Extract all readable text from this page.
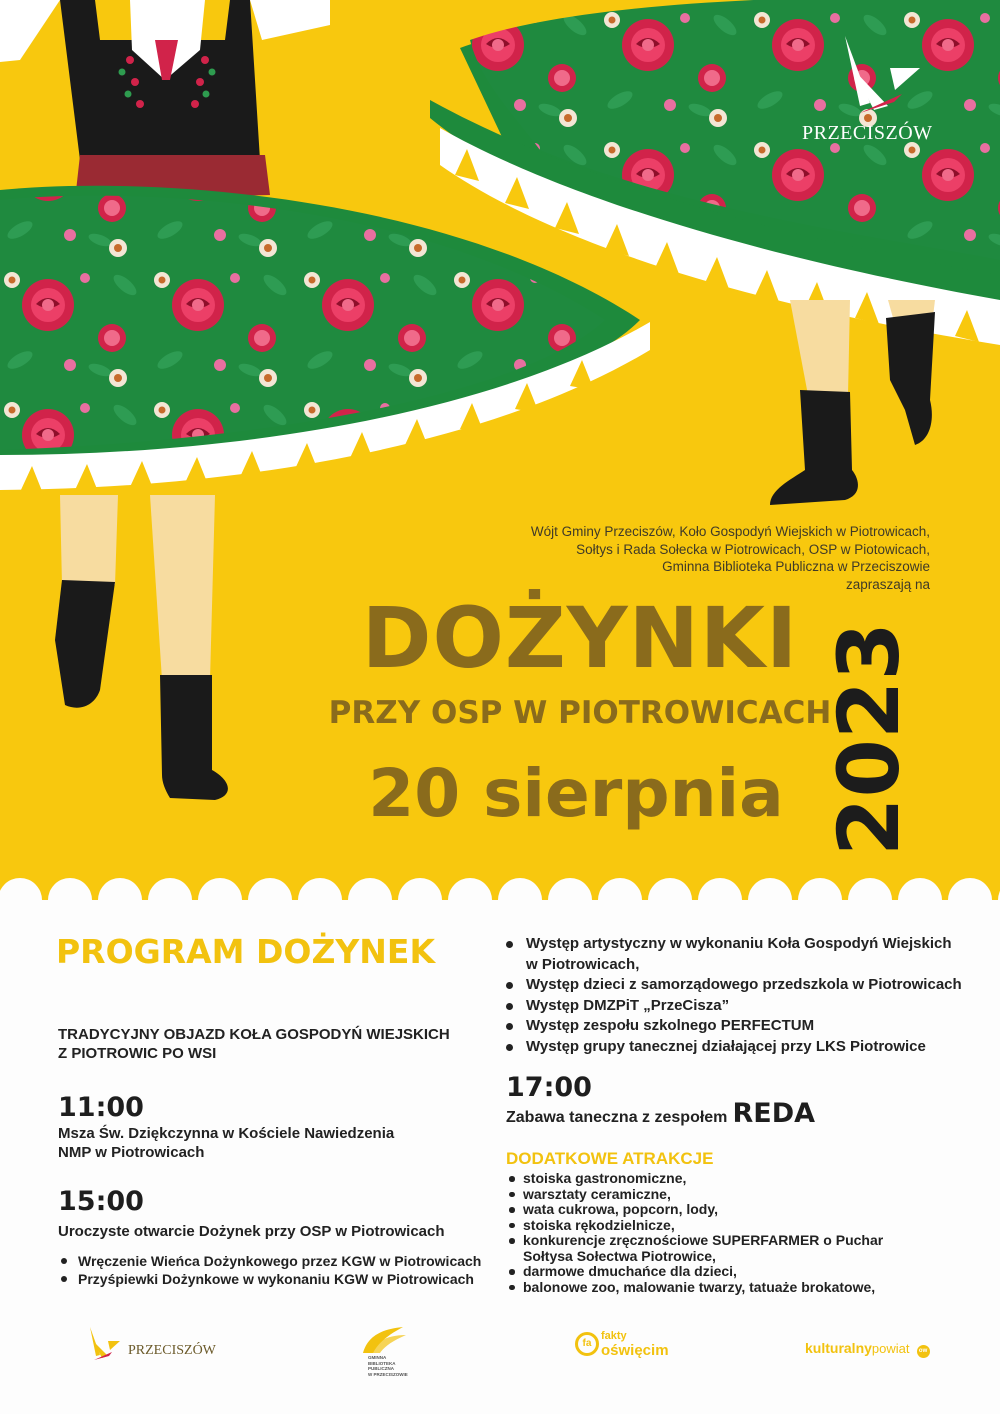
PRZECISZÓW
Wójt Gminy Przeciszów, Koło Gospodyń Wiejskich w Piotrowicach,
Sołtys i Rada Sołecka w Piotrowicach, OSP w Piotowicach,
Gminna Biblioteka Publiczna w Przeciszowie
zapraszają na
DOŻYNKI
PRZY OSP W PIOTROWICACH
20 sierpnia 2023
PROGRAM DOŻYNEK
TRADYCYJNY OBJAZD KOŁA GOSPODYŃ WIEJSKICH
Z PIOTROWIC PO WSI
11:00
Msza Św. Dziękczynna w Kościele Nawiedzenia
NMP w Piotrowicach
15:00
Uroczyste otwarcie Dożynek przy OSP w Piotrowicach
Wręczenie Wieńca Dożynkowego przez KGW w Piotrowicach
Przyśpiewki Dożynkowe w wykonaniu KGW w Piotrowicach
Występ artystyczny w wykonaniu Koła Gospodyń Wiejskich
w Piotrowicach,
Występ dzieci z samorządowego przedszkola w Piotrowicach
Występ DMZPiT „PrzeCisza”
Występ zespołu szkolnego PERFECTUM
Występ grupy tanecznej działającej przy LKS Piotrowice
17:00
Zabawa taneczna z zespołem REDA
DODATKOWE ATRAKCJE
stoiska gastronomiczne,
warsztaty ceramiczne,
wata cukrowa, popcorn, lody,
stoiska rękodzielnicze,
konkurencje zręcznościowe SUPERFARMER o Puchar
Sołtysa Sołectwa Piotrowice,
darmowe dmuchańce dla dzieci,
balonowe zoo, malowanie twarzy, tatuaże brokatowe,
PRZECISZÓW	GMINNA
BIBLIOTEKA
PUBLICZNA
W PRZECISZOWIE
fa
fakty
oświęcim	kulturalnypowiat ow
